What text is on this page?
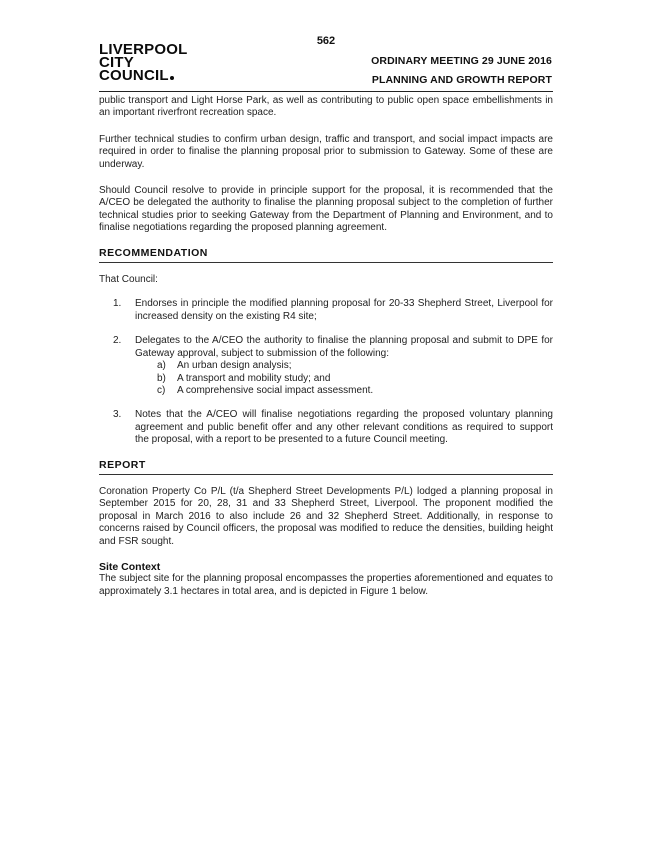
562
LIVERPOOL
CITY
COUNCIL
ORDINARY MEETING 29 JUNE 2016
PLANNING AND GROWTH REPORT

public transport and Light Horse Park, as well as contributing to public open space embellishments in an important riverfront recreation space.

Further technical studies to confirm urban design, traffic and transport, and social impact impacts are required in order to finalise the planning proposal prior to submission to Gateway. Some of these are underway.

Should Council resolve to provide in principle support for the proposal, it is recommended that the A/CEO be delegated the authority to finalise the planning proposal subject to the completion of further technical studies prior to seeking Gateway from the Department of Planning and Environment, and to finalise negotiations regarding the proposed planning agreement.

RECOMMENDATION

That Council:

1. Endorses in principle the modified planning proposal for 20-33 Shepherd Street, Liverpool for increased density on the existing R4 site;
2. Delegates to the A/CEO the authority to finalise the planning proposal and submit to DPE for Gateway approval, subject to submission of the following:
a) An urban design analysis;
b) A transport and mobility study; and
c) A comprehensive social impact assessment.
3. Notes that the A/CEO will finalise negotiations regarding the proposed voluntary planning agreement and public benefit offer and any other relevant conditions as required to support the proposal, with a report to be presented to a future Council meeting.
REPORT

Coronation Property Co P/L (t/a Shepherd Street Developments P/L) lodged a planning proposal in September 2015 for 20, 28, 31 and 33 Shepherd Street, Liverpool. The proponent modified the proposal in March 2016 to also include 26 and 32 Shepherd Street. Additionally, in response to concerns raised by Council officers, the proposal was modified to reduce the densities, building height and FSR sought.

Site Context

The subject site for the planning proposal encompasses the properties aforementioned and equates to approximately 3.1 hectares in total area, and is depicted in Figure 1 below.
